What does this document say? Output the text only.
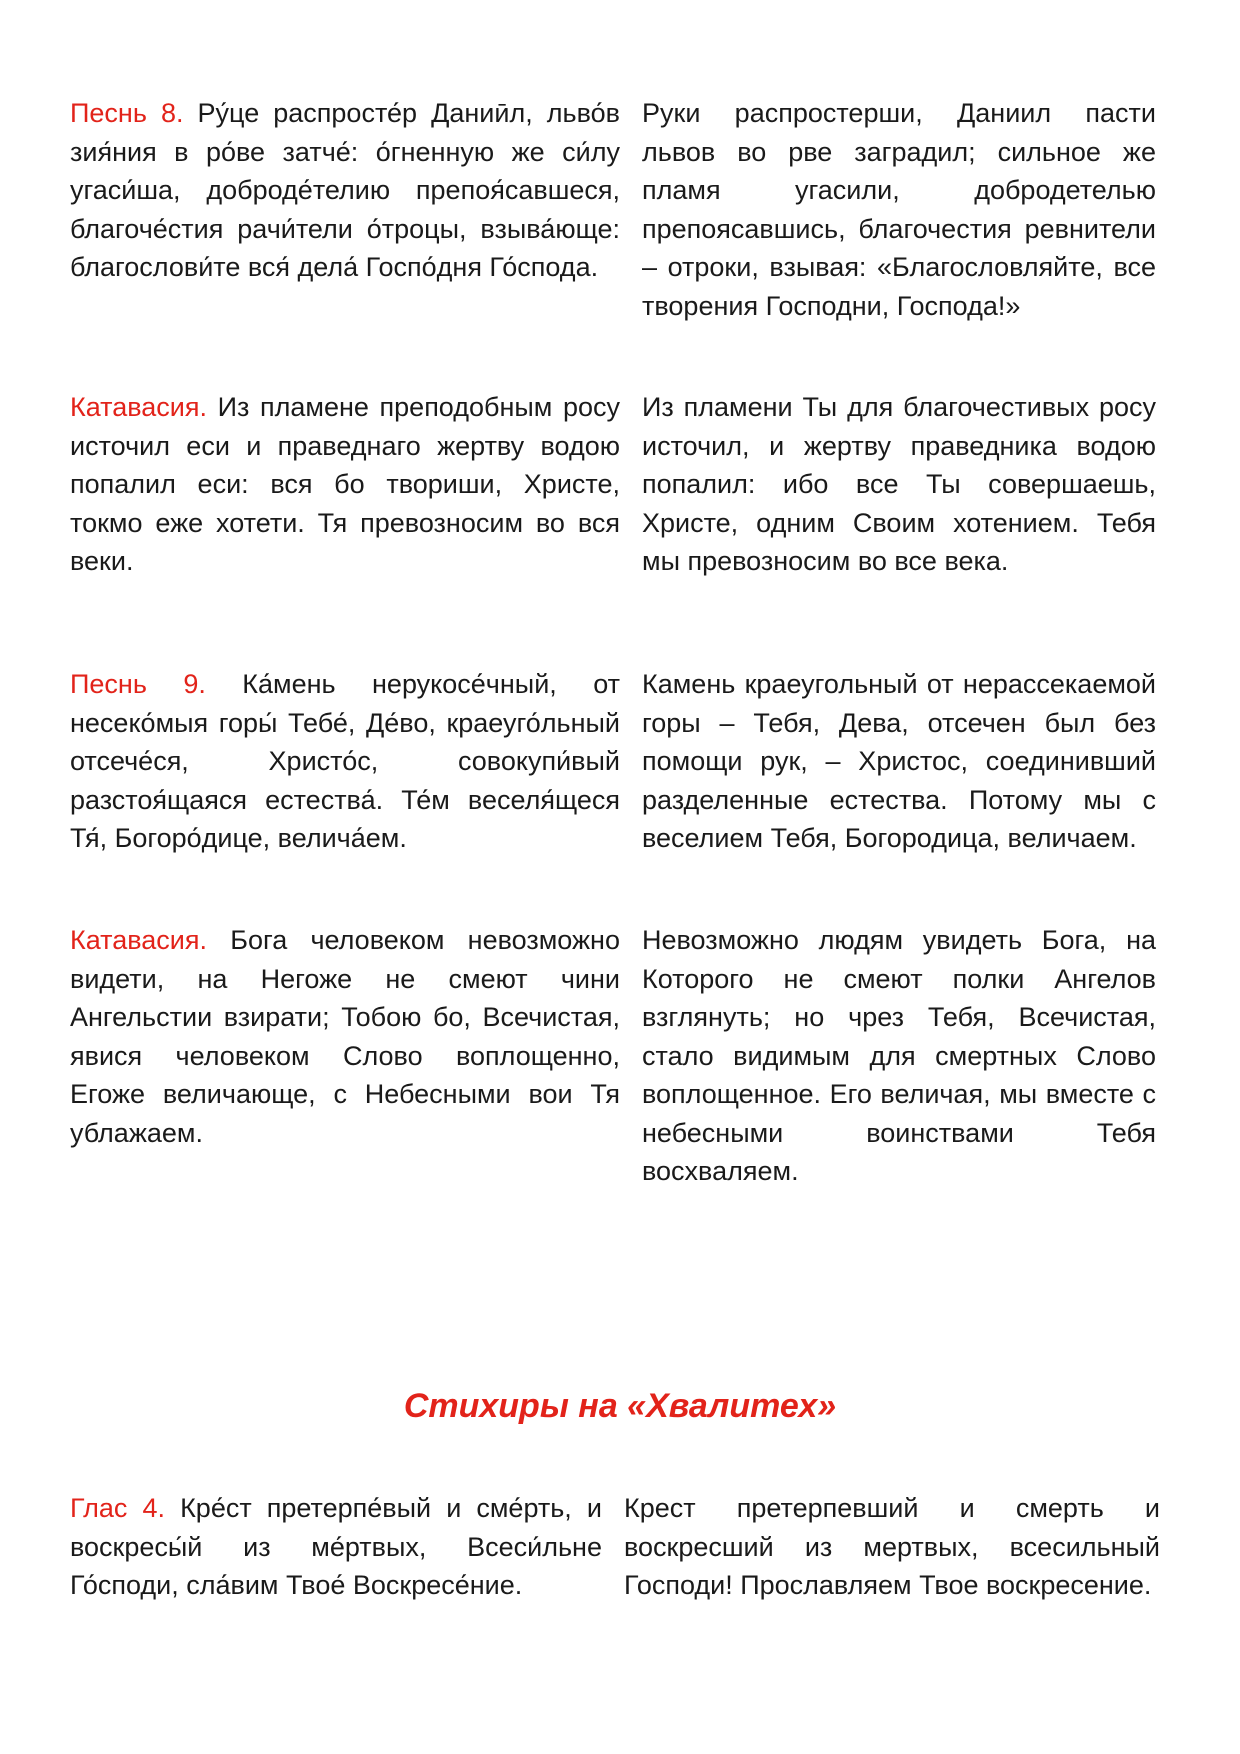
Песнь 8. Ру́це распросте́р Даниӣл, льво́в зия́ния в ро́ве затче́: о́гненную же си́лу угаси́ша, доброде́телию препоя́савшеся, благоче́стия рачи́тели о́троцы, взыва́юще: благослови́те вся́ дела́ Госпо́дня Го́спода.

Руки распростерши, Даниил пасти львов во рве заградил; сильное же пламя угасили, добродетелью препоясавшись, благочестия ревнители – отроки, взывая: «Благословляйте, все творения Господни, Господа!»

Катавасия. Из пламене преподобным росу источил еси и праведнаго жертву водою попалил еси: вся бо твориши, Христе, токмо еже хотети. Тя превозносим во вся веки.

Из пламени Ты для благочестивых росу источил, и жертву праведника водою попалил: ибо все Ты совершаешь, Христе, одним Своим хотением. Тебя мы превозносим во все века.

Песнь 9. Ка́мень нерукосе́чный, от несеко́мыя горы́ Тебе́, Де́во, краеуго́льный отсече́ся, Христо́с, совокупи́вый разстоя́щаяся естества́. Те́м веселя́щеся Тя́, Богоро́дице, велича́ем.

Камень краеугольный от нерассекаемой горы – Тебя, Дева, отсечен был без помощи рук, – Христос, соединивший разделенные естества. Потому мы с веселием Тебя, Богородица, величаем.

Катавасия. Бога человеком невозможно видети, на Негоже не смеют чини Ангельстии взирати; Тобою бо, Всечистая, явися человеком Слово воплощенно, Егоже величающе, с Небесными вои Тя ублажаем.

Невозможно людям увидеть Бога, на Которого не смеют полки Ангелов взглянуть; но чрез Тебя, Всечистая, стало видимым для смертных Слово воплощенное. Его величая, мы вместе с небесными воинствами Тебя восхваляем.

Стихиры на «Хвалитех»

Глас 4. Кре́ст претерпе́вый и сме́рть, и воскресы́й из ме́ртвых, Всеси́льне Го́споди, сла́вим Твое́ Воскресе́ние.

Крест претерпевший и смерть и воскресший из мертвых, всесильный Господи! Прославляем Твое воскресение.
